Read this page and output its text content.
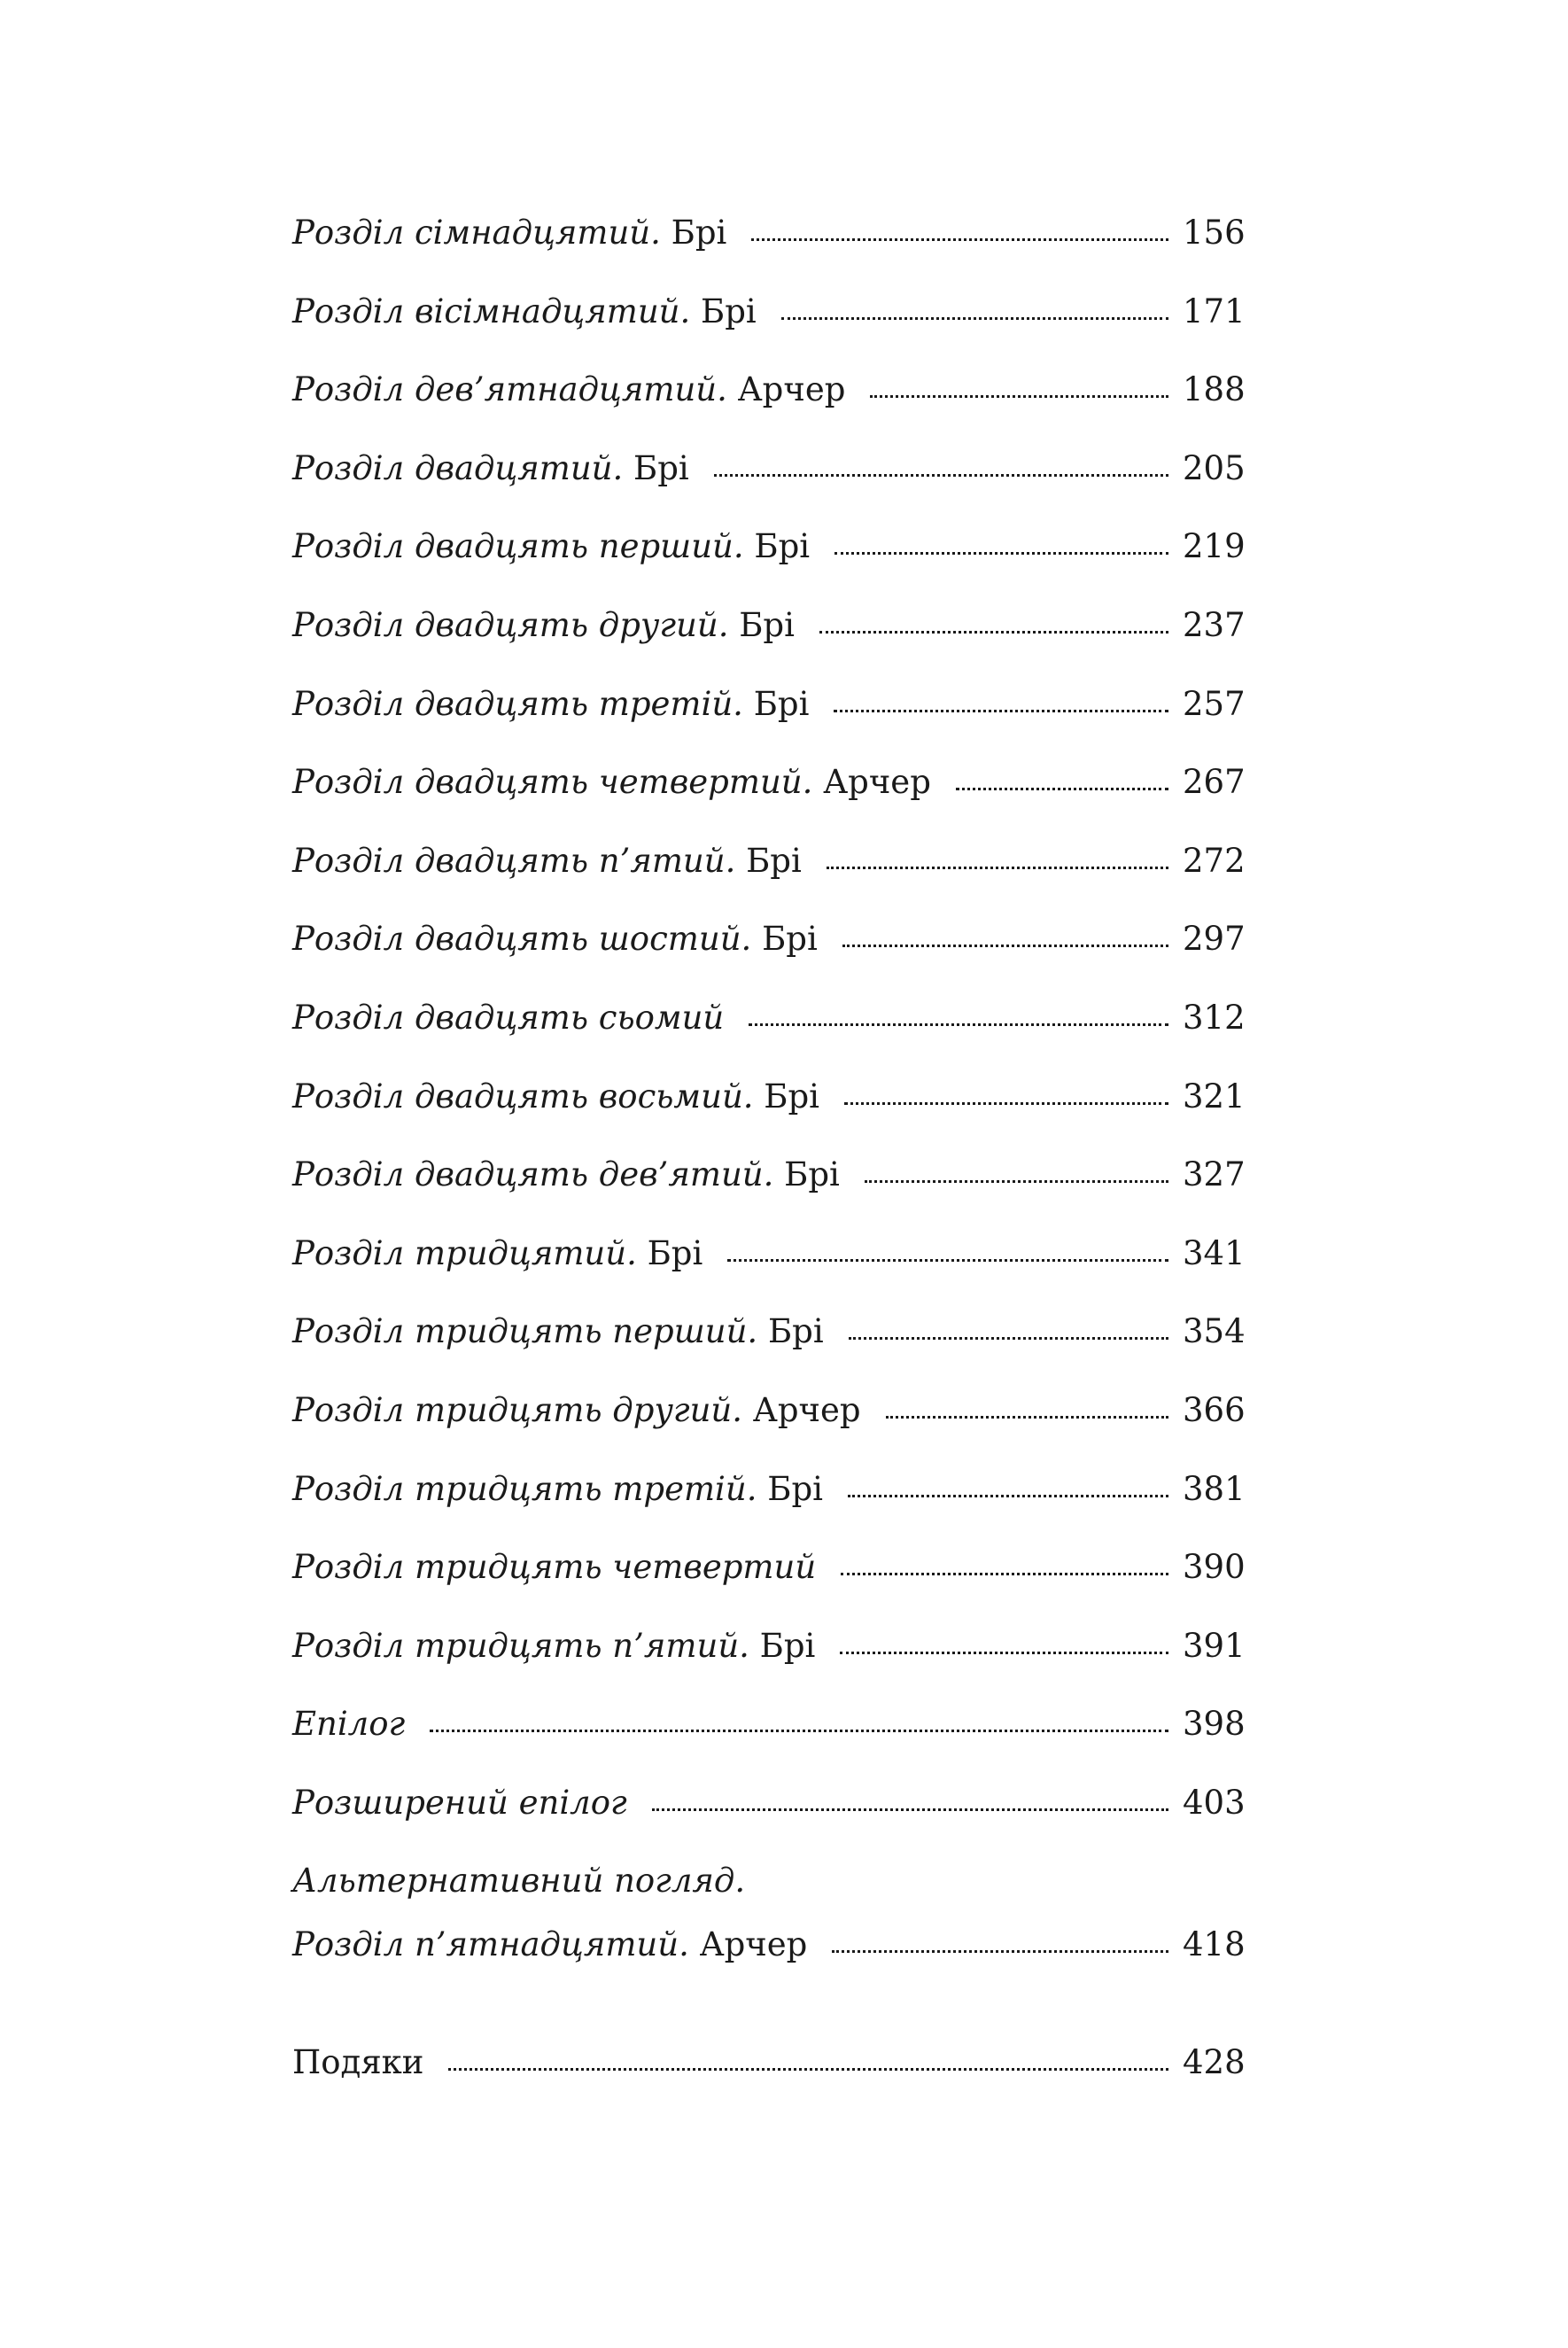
Розділ сімнадцятий. Брі	156
Розділ вісімнадцятий. Брі	171
Розділ дев’ятнадцятий. Арчер	188
Розділ двадцятий. Брі	205
Розділ двадцять перший. Брі	219
Розділ двадцять другий. Брі	237
Розділ двадцять третій. Брі	257
Розділ двадцять четвертий. Арчер	267
Розділ двадцять п’ятий. Брі	272
Розділ двадцять шостий. Брі	297
Розділ двадцять сьомий	312
Розділ двадцять восьмий. Брі	321
Розділ двадцять дев’ятий. Брі	327
Розділ тридцятий. Брі	341
Розділ тридцять перший. Брі	354
Розділ тридцять другий. Арчер	366
Розділ тридцять третій. Брі	381
Розділ тридцять четвертий	390
Розділ тридцять п’ятий. Брі	391
Епілог	398
Розширений епілог	403
Альтернативний погляд.
Розділ п’ятнадцятий. Арчер	418
Подяки	428
